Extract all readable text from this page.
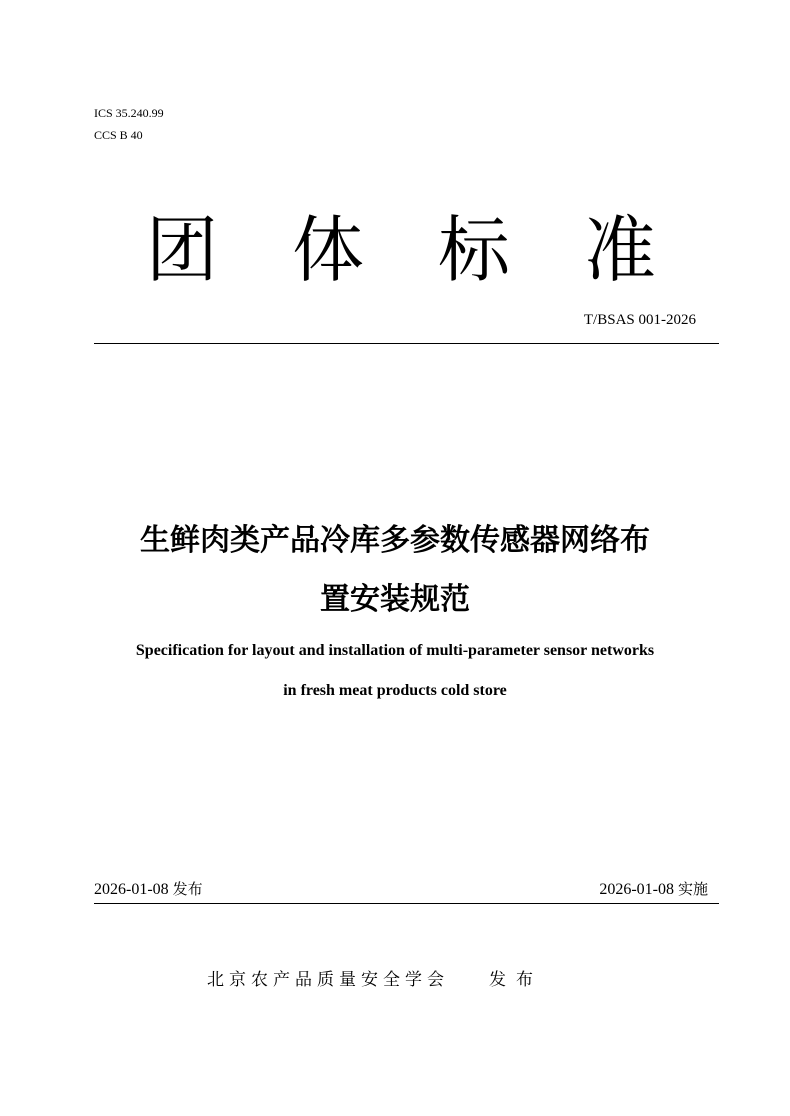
ICS 35.240.99
CCS B 40
团 体 标 准
T/BSAS 001-2026
生鲜肉类产品冷库多参数传感器网络布
置安装规范
Specification for layout and installation of multi-parameter sensor networks
in fresh meat products cold store
2026-01-08 发布	2026-01-08 实施
北京农产品质量安全学会 发布
